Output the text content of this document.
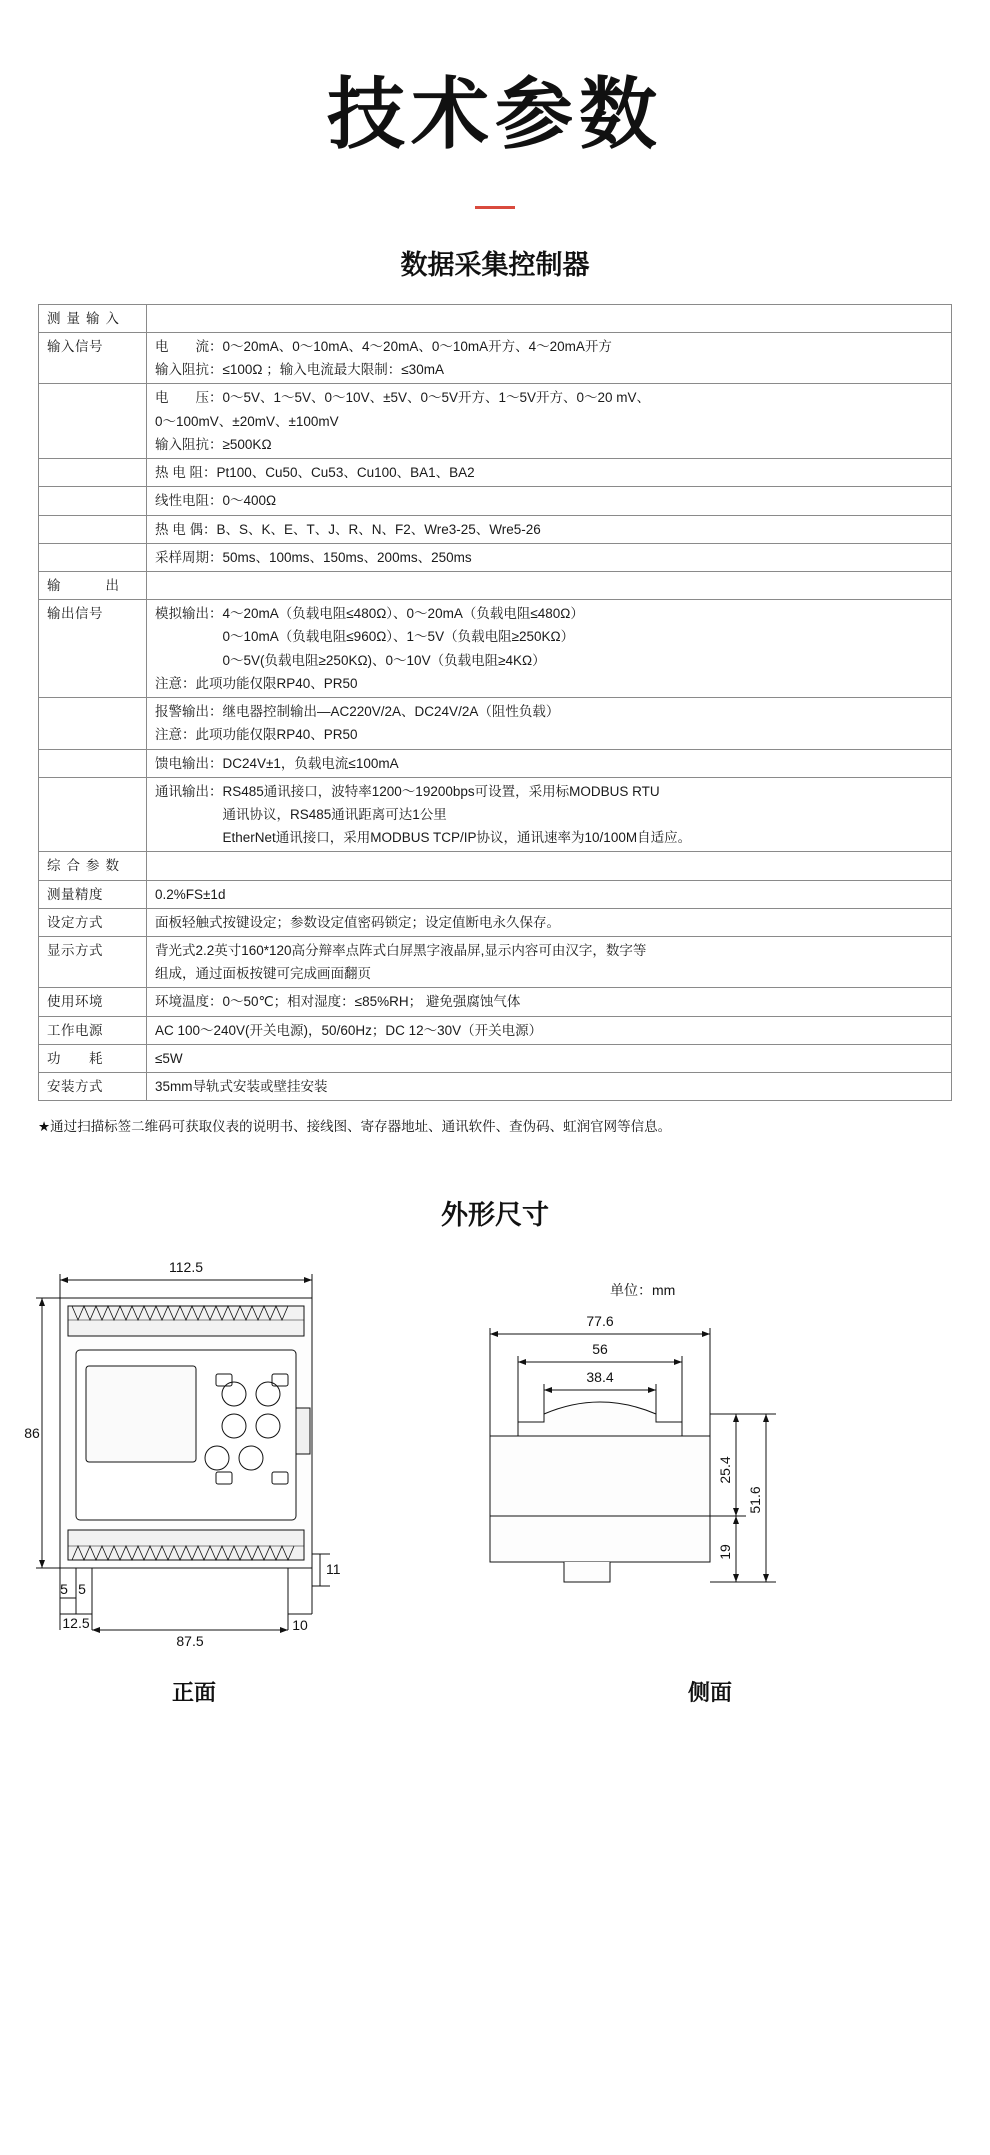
技术参数
数据采集控制器
测量输入	
输入信号	电　　流：0～20mA、0～10mA、4～20mA、0～10mA开方、4～20mA开方
输入阻抗：≤100Ω ；输入电流最大限制：≤30mA

	电　　压：0～5V、1～5V、0～10V、±5V、0～5V开方、1～5V开方、0～20 mV、
0～100mV、±20mV、±100mV
输入阻抗：≥500KΩ

	热 电 阻：Pt100、Cu50、Cu53、Cu100、BA1、BA2
	线性电阻：0～400Ω
	热 电 偶：B、S、K、E、T、J、R、N、F2、Wre3-25、Wre5-26
	采样周期：50ms、100ms、150ms、200ms、250ms
输　　出	
输出信号	模拟输出：4～20mA（负载电阻≤480Ω）、0～20mA（负载电阻≤480Ω）
　　　　　0～10mA（负载电阻≤960Ω）、1～5V（负载电阻≥250KΩ）
　　　　　0～5V(负载电阻≥250KΩ)、0～10V（负载电阻≥4KΩ）
注意：此项功能仅限RP40、PR50

	报警输出：继电器控制输出—AC220V/2A、DC24V/2A（阻性负载）
注意：此项功能仅限RP40、PR50

	馈电输出：DC24V±1，负载电流≤100mA

	通讯输出：RS485通讯接口，波特率1200～19200bps可设置，采用标MODBUS RTU
　　　　　通讯协议，RS485通讯距离可达1公里
　　　　　EtherNet通讯接口，采用MODBUS TCP/IP协议，通讯速率为10/100M自适应。

综合参数	
测量精度	0.2%FS±1d
设定方式	面板轻触式按键设定；参数设定值密码锁定；设定值断电永久保存。
显示方式	背光式2.2英寸160*120高分辩率点阵式白屏黑字液晶屏,显示内容可由汉字，数字等
组成，通过面板按键可完成画面翻页

使用环境	环境温度：0～50℃；相对湿度：≤85%RH； 避免强腐蚀气体
工作电源	AC 100～240V(开关电源)，50/60Hz；DC 12～30V（开关电源）
功　　耗	≤5W
安装方式	35mm导轨式安装或壁挂安装
★通过扫描标签二维码可获取仪表的说明书、接线图、寄存器地址、通讯软件、查伪码、虹润官网等信息。
外形尺寸
单位：mm
112.5
86
87.5
12.5
5 5
10
11
77.6
56
38.4
25.4
19
51.6
正面	侧面
